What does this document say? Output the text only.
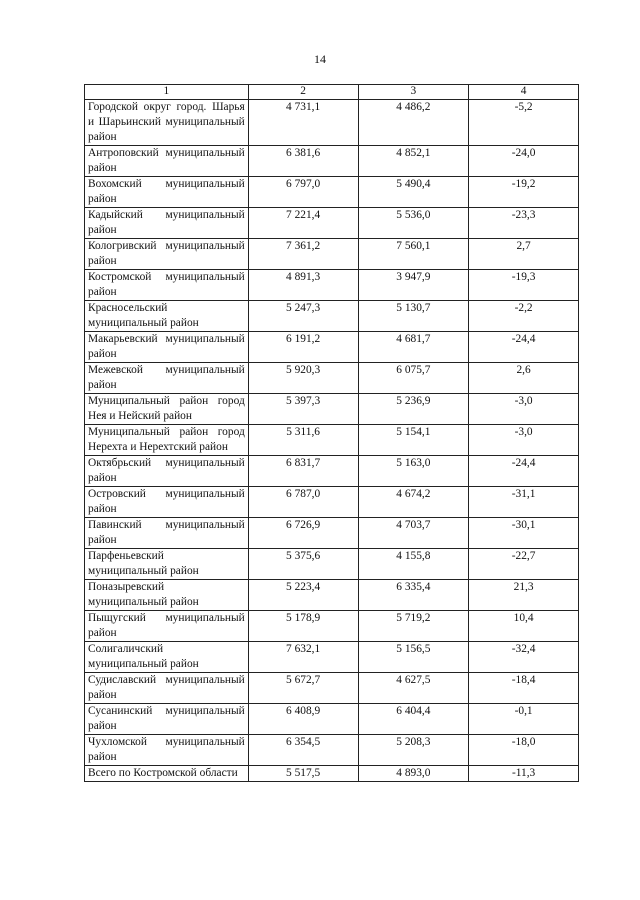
14
1	2	3	4
Городской округ город. Шарья и Шарьинский муниципальный район	4 731,1	4 486,2	-5,2
Антроповский муниципальный район	6 381,6	4 852,1	-24,0
Вохомский муниципальный район	6 797,0	5 490,4	-19,2
Кадыйский муниципальный район	7 221,4	5 536,0	-23,3
Кологривский муниципальный район	7 361,2	7 560,1	2,7
Костромской муниципальный район	4 891,3	3 947,9	-19,3
Красносельский муниципальный район	5 247,3	5 130,7	-2,2
Макарьевский муниципальный район	6 191,2	4 681,7	-24,4
Межевской муниципальный район	5 920,3	6 075,7	2,6
Муниципальный район город Нея и Нейский район	5 397,3	5 236,9	-3,0
Муниципальный район город Нерехта и Нерехтский район	5 311,6	5 154,1	-3,0
Октябрьский муниципальный район	6 831,7	5 163,0	-24,4
Островский муниципальный район	6 787,0	4 674,2	-31,1
Павинский муниципальный район	6 726,9	4 703,7	-30,1
Парфеньевский муниципальный район	5 375,6	4 155,8	-22,7
Поназыревский муниципальный район	5 223,4	6 335,4	21,3
Пыщугский муниципальный район	5 178,9	5 719,2	10,4
Солигаличский муниципальный район	7 632,1	5 156,5	-32,4
Судиславский муниципальный район	5 672,7	4 627,5	-18,4
Сусанинский муниципальный район	6 408,9	6 404,4	-0,1
Чухломской муниципальный район	6 354,5	5 208,3	-18,0
Всего по Костромской области	5 517,5	4 893,0	-11,3
